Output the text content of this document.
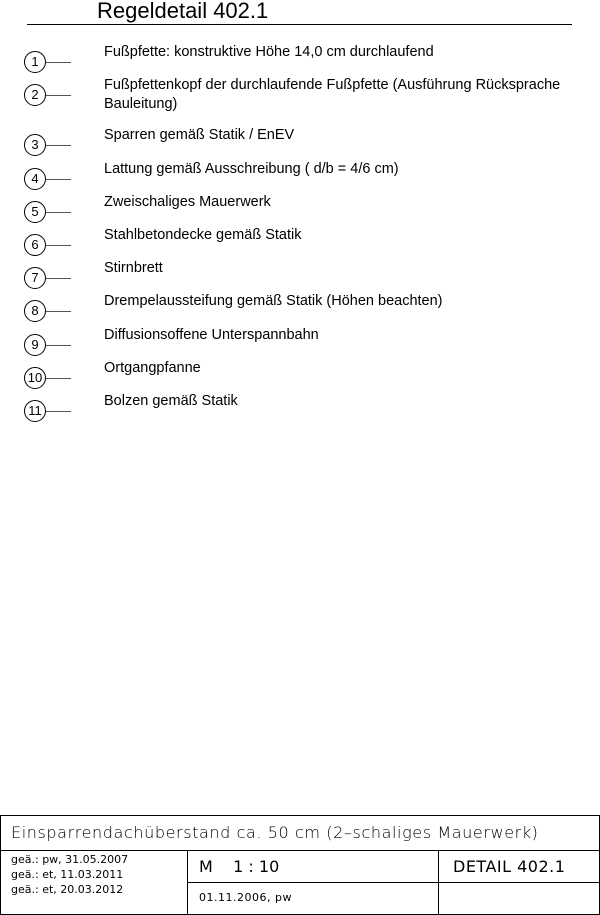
Regeldetail 402.1
1
Fußpfette: konstruktive Höhe 14,0 cm durchlaufend
2
Fußpfettenkopf der durchlaufende Fußpfette (Ausführung Rücksprache Bauleitung)
3
Sparren gemäß Statik / EnEV
4
Lattung gemäß Ausschreibung ( d/b = 4/6 cm)
5
Zweischaliges Mauerwerk
6
Stahlbetondecke gemäß Statik
7
Stirnbrett
8
Drempelaussteifung gemäß Statik (Höhen beachten)
9
Diffusionsoffene Unterspannbahn
10
Ortgangpfanne
11
Bolzen gemäß Statik
Einsparrendachüberstand ca. 50 cm (2–schaliges Mauerwerk)
geä.: pw, 31.05.2007
geä.: et, 11.03.2011
geä.: et, 20.03.2012
M    1 : 10	DETAIL 402.1
01.11.2006, pw
